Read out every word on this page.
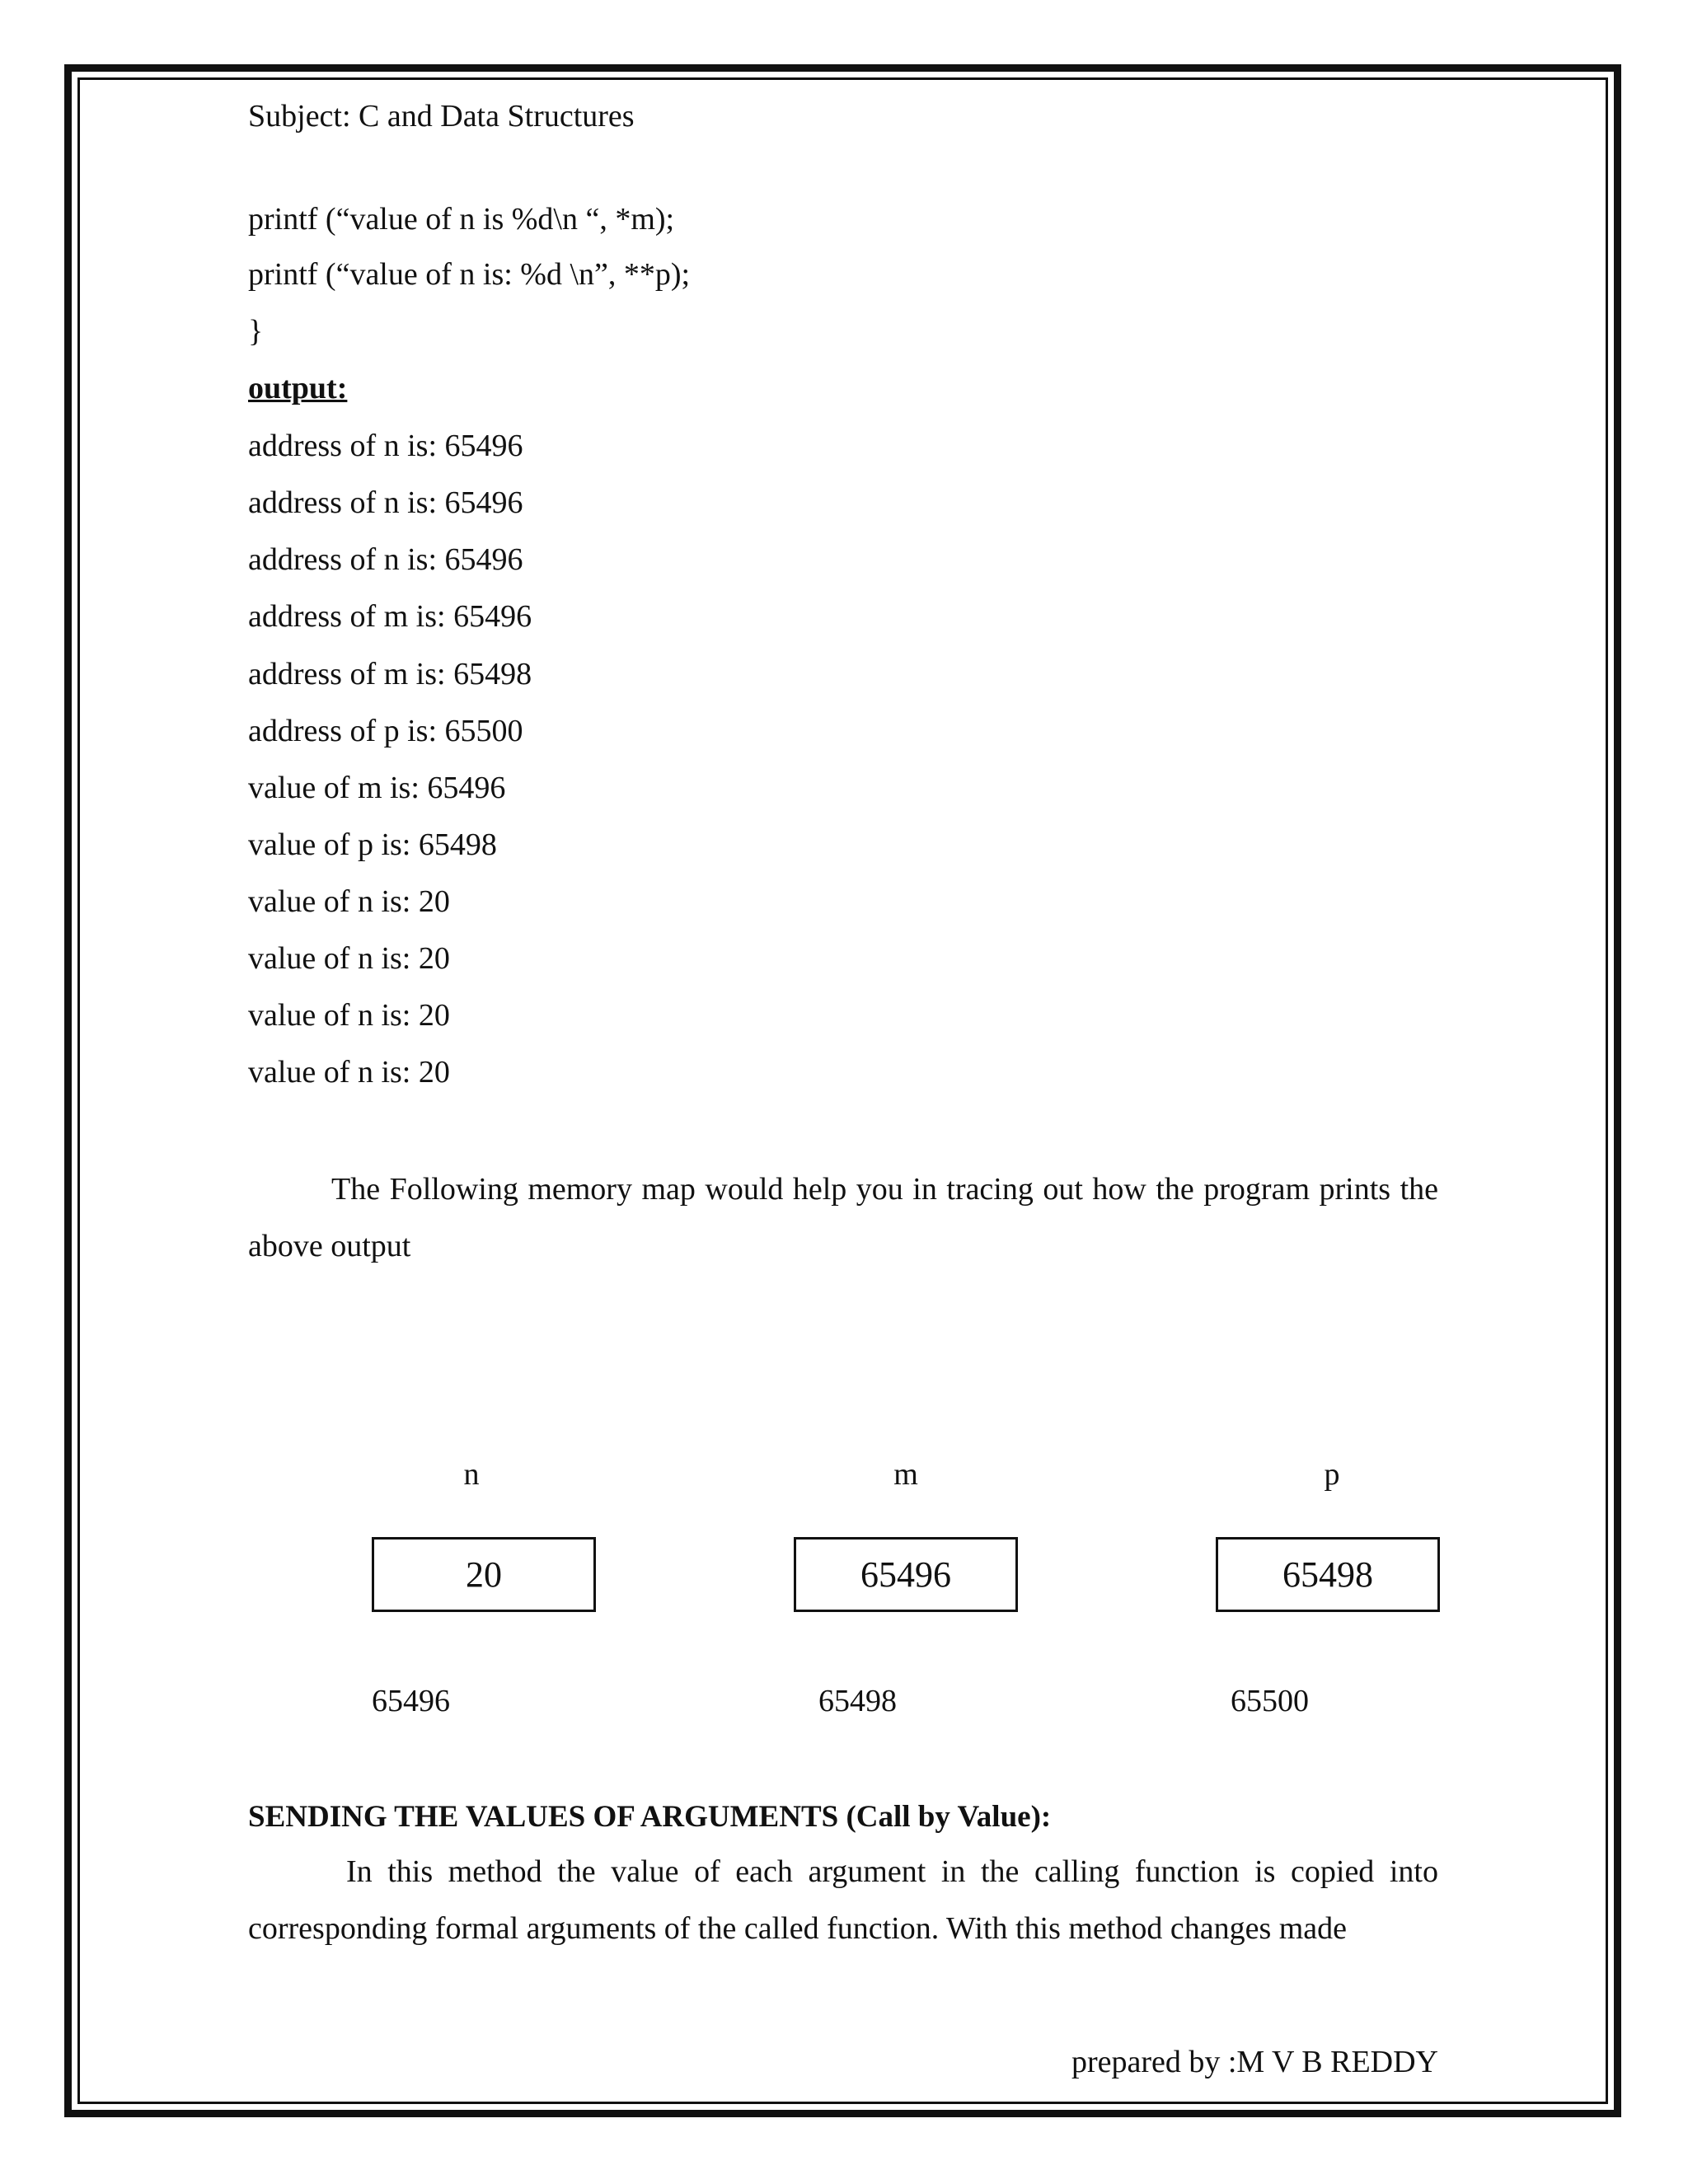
Subject: C and Data Structures
printf (“value of n is %d\n “, *m);
printf (“value of n is: %d \n”, **p);
}
output:
address of n is: 65496
address of n is: 65496
address of n is: 65496
address of m is: 65496
address of m is: 65498
address of p is: 65500
value of m is: 65496
value of p is: 65498
value of n is: 20
value of n is: 20
value of n is: 20
value of n is: 20
The Following memory map would help you in tracing out how the program prints the above output
n	m	p
20	65496	65498
65496	65498	65500
SENDING THE VALUES OF ARGUMENTS (Call by Value):
In this method the value of each argument in the calling function is copied into corresponding formal arguments of the called function. With this method changes made
prepared by :M V B REDDY
